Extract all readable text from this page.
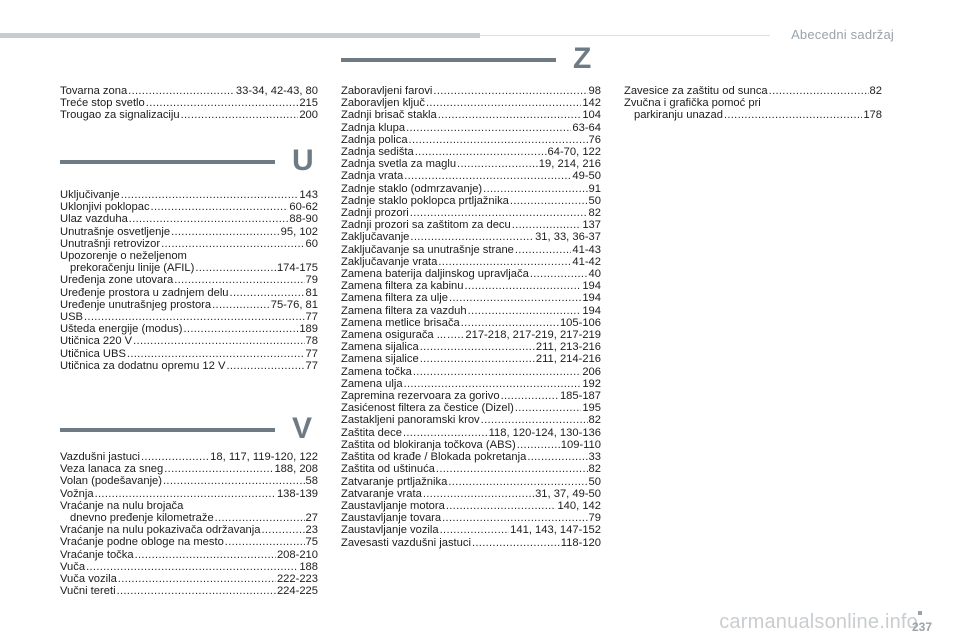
Abecedni sadržaj
Tovarna zona .....	33-34, 42-43, 80
Treće stop svetlo .....	215
Trougao za signalizaciju .....	200
U
Uključivanje .....	143
Uklonjivi poklopac .....	60-62
Ulaz vazduha .....	88-90
Unutrašnje osvetljenje .....	95, 102
Unutrašnji retrovizor .....	60
Upozorenje o neželjenom
prekoračenju linije (AFIL) .....	174-175
Uređenja zone utovara .....	79
Uređenje prostora u zadnjem delu .....	81
Uređenje unutrašnjeg prostora .....	75-76, 81
USB .....	77
Ušteda energije (modus) .....	189
Utičnica 220 V .....	78
Utičnica UBS .....	77
Utičnica za dodatnu opremu 12 V .....	77
V
Vazdušni jastuci .....	18, 117, 119-120, 122
Veza lanaca za sneg .....	188, 208
Volan (podešavanje) .....	58
Vožnja .....	138-139
Vraćanje na nulu brojača
dnevno pređenje kilometraže .....	27
Vraćanje na nulu pokazivača održavanja .....	23
Vraćanje podne obloge na mesto .....	75
Vraćanje točka .....	208-210
Vuča .....	188
Vuča vozila .....	222-223
Vučni tereti .....	224-225
Z
Zaboravljeni farovi .....	98
Zaboravljen ključ .....	142
Zadnji brisač stakla .....	104
Zadnja klupa .....	63-64
Zadnja polica .....	76
Zadnja sedišta .....	64-70, 122
Zadnja svetla za maglu .....	19, 214, 216
Zadnja vrata .....	49-50
Zadnje staklo (odmrzavanje) .....	91
Zadnje staklo poklopca prtljažnika .....	50
Zadnji prozori .....	82
Zadnji prozori sa zaštitom za decu .....	137
Zaključavanje .....	31, 33, 36-37
Zaključavanje sa unutrašnje strane .....	41-43
Zaključavanje vrata .....	41-42
Zamena baterija daljinskog upravljača .....	40
Zamena filtera za kabinu .....	194
Zamena filtera za ulje .....	194
Zamena filtera za vazduh .....	194
Zamena metlice brisača .....	105-106
Zamena osigurača ... ..... 217-218, 217-219, 217-219
Zamena sijalica .....	211, 213-216
Zamena sijalice .....	211, 214-216
Zamena točka .....	206
Zamena ulja .....	192
Zapremina rezervoara za gorivo .....	185-187
Zasićenost filtera za čestice (Dizel) .....	195
Zastakljeni panoramski krov .....	82
Zaštita dece .....	118, 120-124, 130-136
Zaštita od blokiranja točkova (ABS) .....	109-110
Zaštita od krađe / Blokada pokretanja .....	33
Zaštita od uštinuća .....	82
Zatvaranje prtljažnika .....	50
Zatvaranje vrata .....	31, 37, 49-50
Zaustavljanje motora .....	140, 142
Zaustavljanje tovara .....	79
Zaustavljanje vozila .....	141, 143, 147-152
Zavesasti vazdušni jastuci .....	118-120
Zavesice za zaštitu od sunca .....	82
Zvučna i grafička pomoć pri
parkiranju unazad .....	178
carmanualsonline.info
237
